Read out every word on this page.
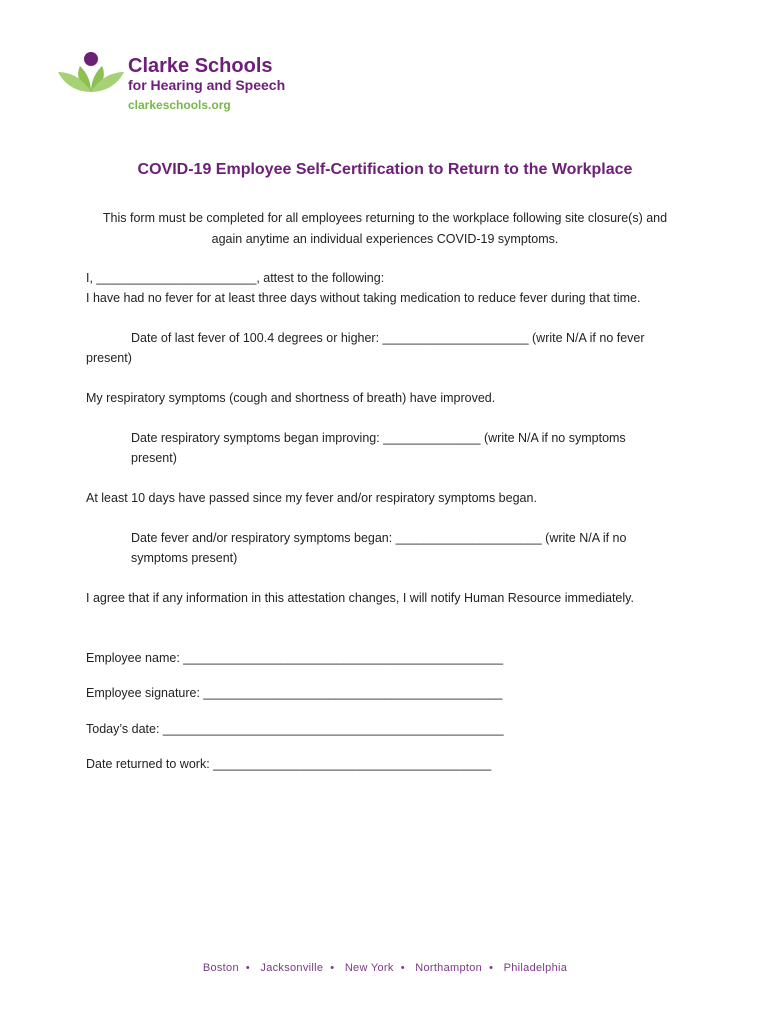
Clarke Schools
for Hearing and Speech
clarkeschools.org
COVID-19 Employee Self-Certification to Return to the Workplace
This form must be completed for all employees returning to the workplace following site closure(s) and
again anytime an individual experiences COVID-19 symptoms.
I, _______________________, attest to the following:
I have had no fever for at least three days without taking medication to reduce fever during that time.
Date of last fever of 100.4 degrees or higher: _____________________ (write N/A if no fever
present)
My respiratory symptoms (cough and shortness of breath) have improved.
Date respiratory symptoms began improving: ______________ (write N/A if no symptoms
present)
At least 10 days have passed since my fever and/or respiratory symptoms began.
Date fever and/or respiratory symptoms began: _____________________ (write N/A if no
symptoms present)
I agree that if any information in this attestation changes, I will notify Human Resource immediately.
Employee name: ______________________________________________
Employee signature: ___________________________________________
Today’s date: _________________________________________________
Date returned to work: ________________________________________
Boston • Jacksonville • New York • Northampton • Philadelphia
